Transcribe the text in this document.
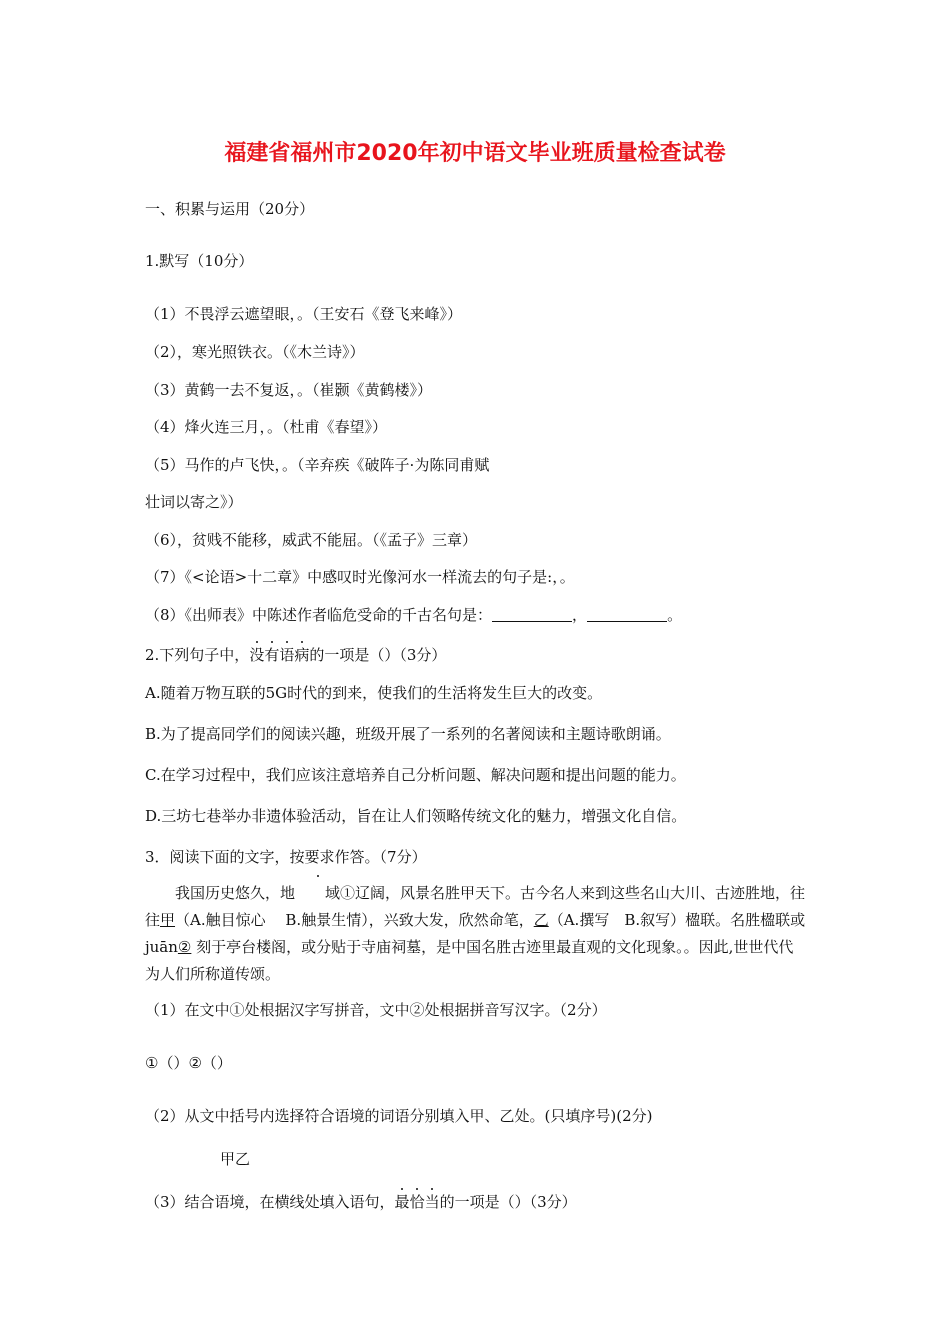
福建省福州市2020年初中语文毕业班质量检查试卷

一、积累与运用（20分）

1.默写（10分）

（1）不畏浮云遮望眼，。（王安石《登飞来峰》）

（2），寒光照铁衣。（《木兰诗》）

（3）黄鹤一去不复返，。（崔颢《黄鹤楼》）

（4）烽火连三月，。（杜甫《春望》）

（5）马作的卢飞快，。（辛弃疾《破阵子·为陈同甫赋

壮词以寄之》）

（6），贫贱不能移，威武不能屈。（《孟子》三章）

（7）《<论语>十二章》中感叹时光像河水一样流去的句子是:，。

（8）《出师表》中陈述作者临危受命的千古名句是：	，	。

2.下列句子中，没有语病的一项是（）（3分）

A.随着万物互联的5G时代的到来，使我们的生活将发生巨大的改变。

B.为了提高同学们的阅读兴趣，班级开展了一系列的名著阅读和主题诗歌朗诵。

C.在学习过程中，我们应该注意培养自己分析问题、解决问题和提出问题的能力。

D.三坊七巷举办非遗体验活动，旨在让人们领略传统文化的魅力，增强文化自信。

3．阅读下面的文字，按要求作答。（7分）

我国历史悠久，地 域①辽阔，风景名胜甲天下。古今名人来到这些名山大川、古迹胜地，往往甲（A.触目惊心　 B.触景生情），兴致大发，欣然命笔，乙（A.撰写　B.叙写）楹联。名胜楹联或 juān② 刻于亭台楼阁，或分贴于寺庙祠墓，是中国名胜古迹里最直观的文化现象。。因此,世世代代为人们所称道传颂。

（1）在文中①处根据汉字写拼音，文中②处根据拼音写汉字。（2分）

①（）②（）

（2）从文中括号内选择符合语境的词语分别填入甲、乙处。(只填序号)(2分)

甲乙

（3）结合语境，在横线处填入语句，最恰当的一项是（）（3分）
